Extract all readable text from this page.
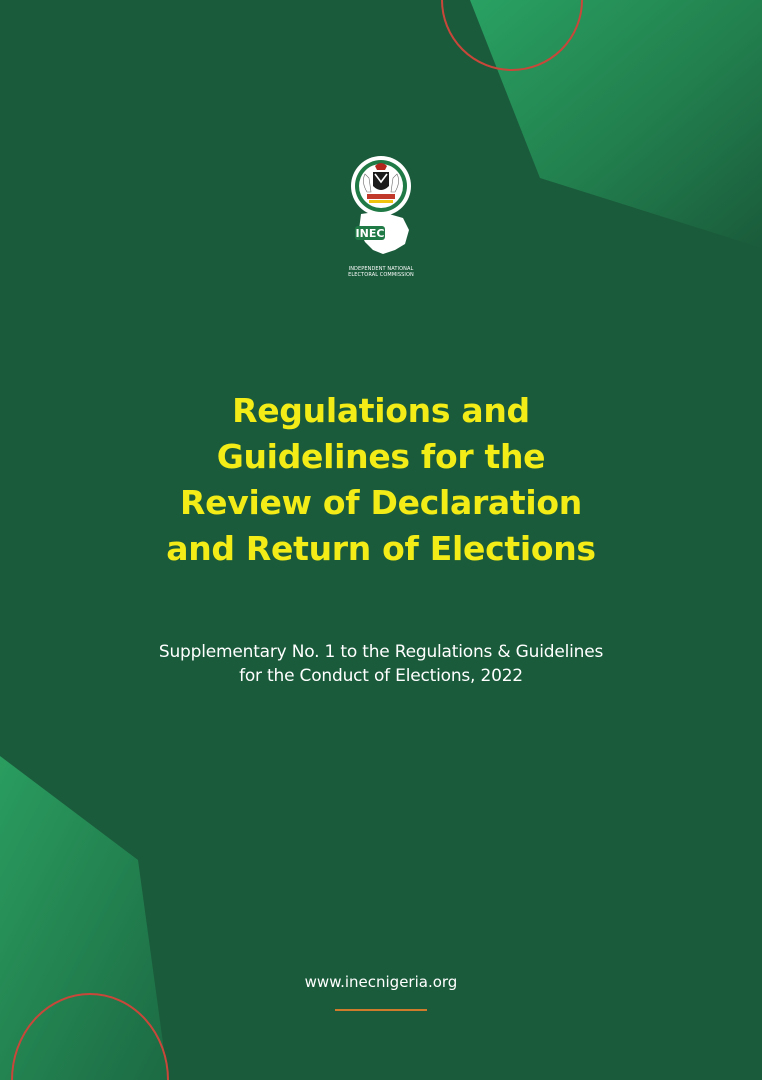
INEC
INDEPENDENT NATIONAL
ELECTORAL COMMISSION
Regulations and
Guidelines for the
Review of Declaration
and Return of Elections

Supplementary No. 1 to the Regulations & Guidelines
for the Conduct of Elections, 2022

www.inecnigeria.org
